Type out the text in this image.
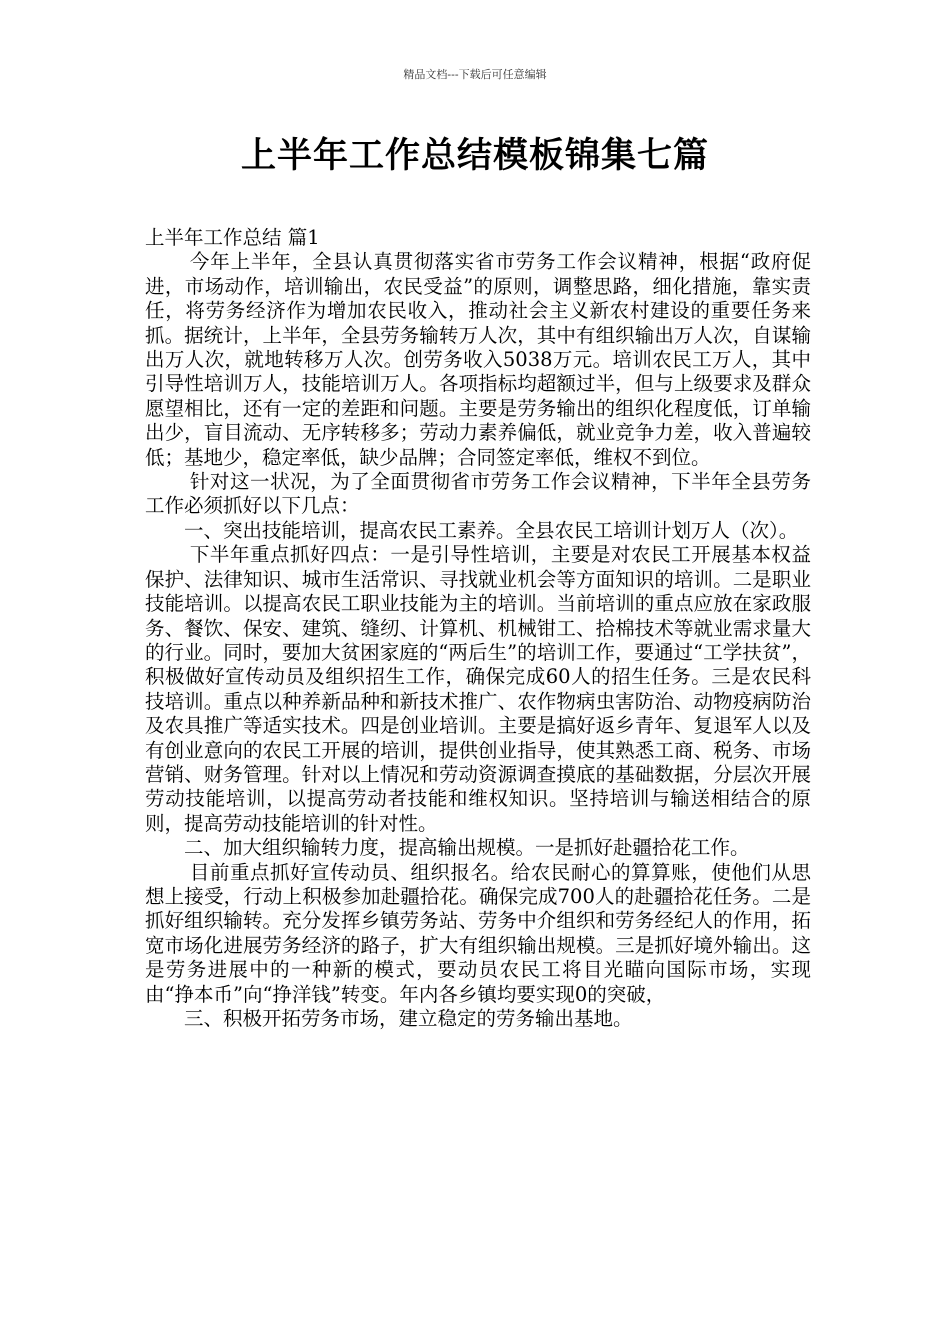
精品文档---下载后可任意编辑
上半年工作总结模板锦集七篇

上半年工作总结 篇1

今年上半年，全县认真贯彻落实省市劳务工作会议精神，根据“政府促进，市场动作，培训输出，农民受益”的原则，调整思路，细化措施，靠实责任，将劳务经济作为增加农民收入，推动社会主义新农村建设的重要任务来抓。据统计，上半年，全县劳务输转万人次，其中有组织输出万人次，自谋输出万人次，就地转移万人次。创劳务收入5038万元。培训农民工万人，其中引导性培训万人，技能培训万人。各项指标均超额过半，但与上级要求及群众愿望相比，还有一定的差距和问题。主要是劳务输出的组织化程度低，订单输出少，盲目流动、无序转移多；劳动力素养偏低，就业竞争力差，收入普遍较低；基地少，稳定率低，缺少品牌；合同签定率低，维权不到位。

针对这一状况，为了全面贯彻省市劳务工作会议精神，下半年全县劳务工作必须抓好以下几点：

一、突出技能培训，提高农民工素养。全县农民工培训计划万人（次）。

下半年重点抓好四点：一是引导性培训，主要是对农民工开展基本权益保护、法律知识、城市生活常识、寻找就业机会等方面知识的培训。二是职业技能培训。以提高农民工职业技能为主的培训。当前培训的重点应放在家政服务、餐饮、保安、建筑、缝纫、计算机、机械钳工、拾棉技术等就业需求量大的行业。同时，要加大贫困家庭的“两后生”的培训工作，要通过“工学扶贫”，积极做好宣传动员及组织招生工作，确保完成60人的招生任务。三是农民科技培训。重点以种养新品种和新技术推广、农作物病虫害防治、动物疫病防治及农具推广等适实技术。四是创业培训。主要是搞好返乡青年、复退军人以及有创业意向的农民工开展的培训，提供创业指导，使其熟悉工商、税务、市场营销、财务管理。针对以上情况和劳动资源调查摸底的基础数据，分层次开展劳动技能培训，以提高劳动者技能和维权知识。坚持培训与输送相结合的原则，提高劳动技能培训的针对性。

二、加大组织输转力度，提高输出规模。一是抓好赴疆拾花工作。

目前重点抓好宣传动员、组织报名。给农民耐心的算算账，使他们从思想上接受，行动上积极参加赴疆拾花。确保完成700人的赴疆拾花任务。二是抓好组织输转。充分发挥乡镇劳务站、劳务中介组织和劳务经纪人的作用，拓宽市场化进展劳务经济的路子，扩大有组织输出规模。三是抓好境外输出。这是劳务进展中的一种新的模式，要动员农民工将目光瞄向国际市场，实现由“挣本币”向“挣洋钱”转变。年内各乡镇均要实现0的突破，

三、积极开拓劳务市场，建立稳定的劳务输出基地。
